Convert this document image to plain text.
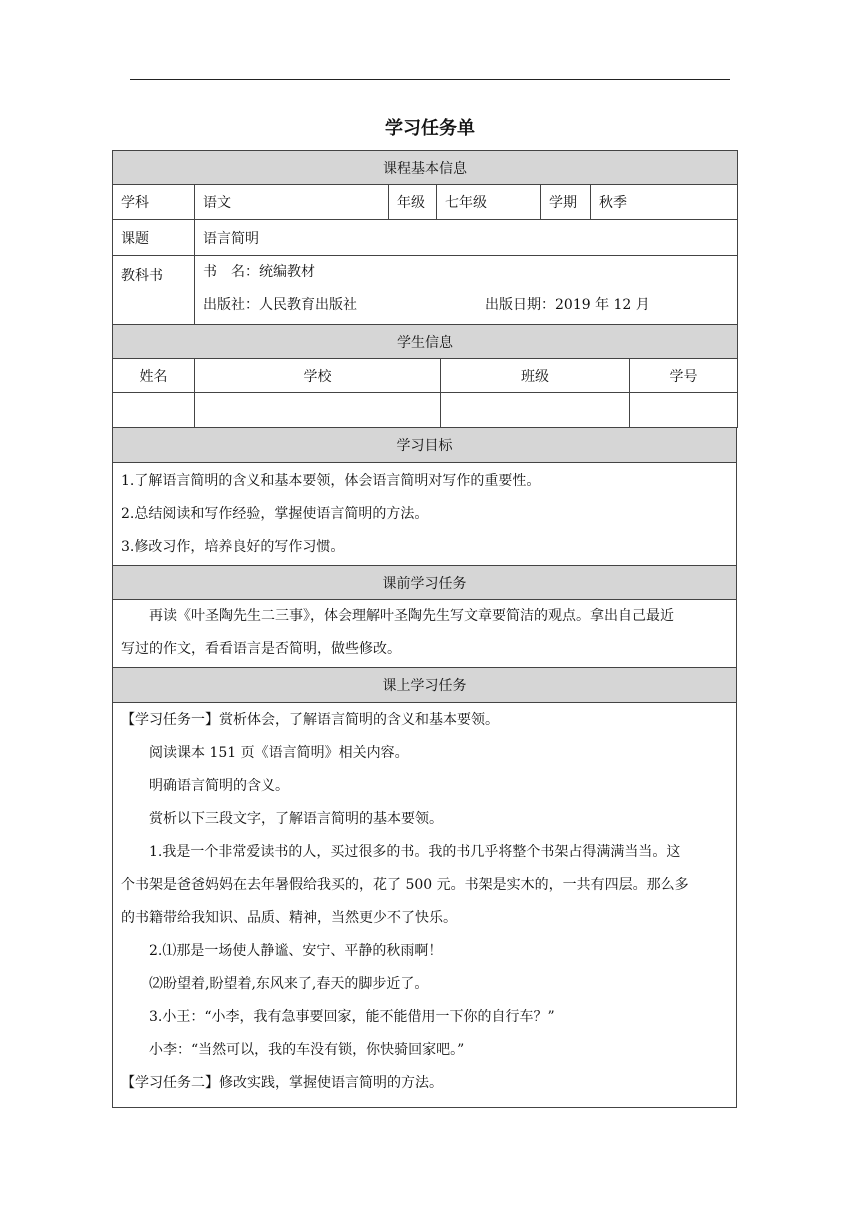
学习任务单
课程基本信息					
学科	语文	年级	七年级	学期	秋季
课题	语言简明				
教科书	书　名：统编教材
出版社：人民教育出版社 出版日期：2019 年 12 月				
学生信息			
姓名	学校	班级	学号

学习目标

1.了解语言简明的含义和基本要领，体会语言简明对写作的重要性。

2.总结阅读和写作经验，掌握使语言简明的方法。

3.修改习作，培养良好的写作习惯。

课前学习任务

再读《叶圣陶先生二三事》，体会理解叶圣陶先生写文章要简洁的观点。拿出自己最近

写过的作文，看看语言是否简明，做些修改。

课上学习任务

【学习任务一】赏析体会，了解语言简明的含义和基本要领。

阅读课本 151 页《语言简明》相关内容。

明确语言简明的含义。

赏析以下三段文字，了解语言简明的基本要领。

1.我是一个非常爱读书的人，买过很多的书。我的书几乎将整个书架占得满满当当。这

个书架是爸爸妈妈在去年暑假给我买的，花了 500 元。书架是实木的，一共有四层。那么多

的书籍带给我知识、品质、精神，当然更少不了快乐。

2.⑴那是一场使人静谧、安宁、平静的秋雨啊！

⑵盼望着,盼望着,东风来了,春天的脚步近了。

3.小王：“小李，我有急事要回家，能不能借用一下你的自行车？”

小李：“当然可以，我的车没有锁，你快骑回家吧。”

【学习任务二】修改实践，掌握使语言简明的方法。
